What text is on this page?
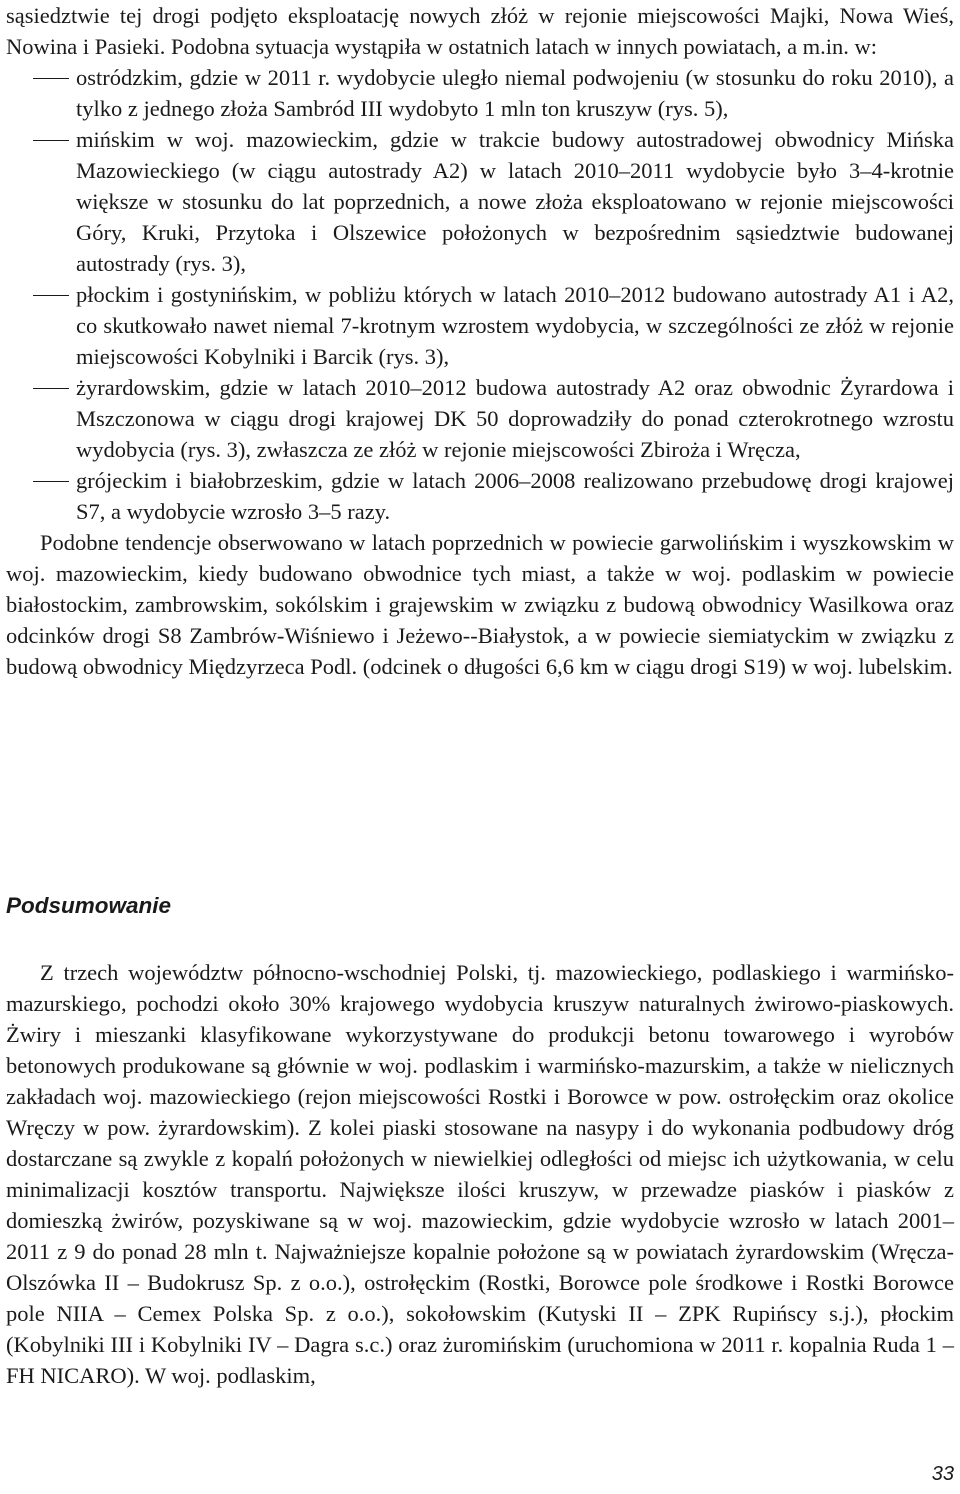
sąsiedztwie tej drogi podjęto eksploatację nowych złóż w rejonie miejscowości Majki, Nowa Wieś, Nowina i Pasieki. Podobna sytuacja wystąpiła w ostatnich latach w innych powiatach, a m.in. w:

ostródzkim, gdzie w 2011 r. wydobycie uległo niemal podwojeniu (w stosunku do roku 2010), a tylko z jednego złoża Sambród III wydobyto 1 mln ton kruszyw (rys. 5),
mińskim w woj. mazowieckim, gdzie w trakcie budowy autostradowej obwodnicy Mińska Mazowieckiego (w ciągu autostrady A2) w latach 2010–2011 wydobycie było 3–4-krotnie większe w stosunku do lat poprzednich, a nowe złoża eksploatowano w rejonie miejscowości Góry, Kruki, Przytoka i Olszewice położonych w bezpośrednim sąsiedztwie budowanej autostrady (rys. 3),
płockim i gostynińskim, w pobliżu których w latach 2010–2012 budowano autostrady A1 i A2, co skutkowało nawet niemal 7-krotnym wzrostem wydobycia, w szczególności ze złóż w rejonie miejscowości Kobylniki i Barcik (rys. 3),
żyrardowskim, gdzie w latach 2010–2012 budowa autostrady A2 oraz obwodnic Żyrardowa i Mszczonowa w ciągu drogi krajowej DK 50 doprowadziły do ponad czterokrotnego wzrostu wydobycia (rys. 3), zwłaszcza ze złóż w rejonie miejscowości Zbiroża i Wręcza,
grójeckim i białobrzeskim, gdzie w latach 2006–2008 realizowano przebudowę drogi krajowej S7, a wydobycie wzrosło 3–5 razy.

Podobne tendencje obserwowano w latach poprzednich w powiecie garwolińskim i wyszkowskim w woj. mazowieckim, kiedy budowano obwodnice tych miast, a także w woj. podlaskim w powiecie białostockim, zambrowskim, sokólskim i grajewskim w związku z budową obwodnicy Wasilkowa oraz odcinków drogi S8 Zambrów-Wiśniewo i Jeżewo--Białystok, a w powiecie siemiatyckim w związku z budową obwodnicy Międzyrzeca Podl. (odcinek o długości 6,6 km w ciągu drogi S19) w woj. lubelskim.

Podsumowanie

Z trzech województw północno-wschodniej Polski, tj. mazowieckiego, podlaskiego i warmińsko-mazurskiego, pochodzi około 30% krajowego wydobycia kruszyw naturalnych żwirowo-piaskowych. Żwiry i mieszanki klasyfikowane wykorzystywane do produkcji betonu towarowego i wyrobów betonowych produkowane są głównie w woj. podlaskim i warmińsko-mazurskim, a także w nielicznych zakładach woj. mazowieckiego (rejon miejscowości Rostki i Borowce w pow. ostrołęckim oraz okolice Wręczy w pow. żyrardowskim). Z kolei piaski stosowane na nasypy i do wykonania podbudowy dróg dostarczane są zwykle z kopalń położonych w niewielkiej odległości od miejsc ich użytkowania, w celu minimalizacji kosztów transportu. Największe ilości kruszyw, w przewadze piasków i piasków z domieszką żwirów, pozyskiwane są w woj. mazowieckim, gdzie wydobycie wzrosło w latach 2001–2011 z 9 do ponad 28 mln t. Najważniejsze kopalnie położone są w powiatach żyrardowskim (Wręcza-Olszówka II – Budokrusz Sp. z o.o.), ostrołęckim (Rostki, Borowce pole środkowe i Rostki Borowce pole NIIA – Cemex Polska Sp. z o.o.), sokołowskim (Kutyski II – ZPK Rupińscy s.j.), płockim (Kobylniki III i Kobylniki IV – Dagra s.c.) oraz żuromińskim (uruchomiona w 2011 r. kopalnia Ruda 1 – FH NICARO). W woj. podlaskim,

33
